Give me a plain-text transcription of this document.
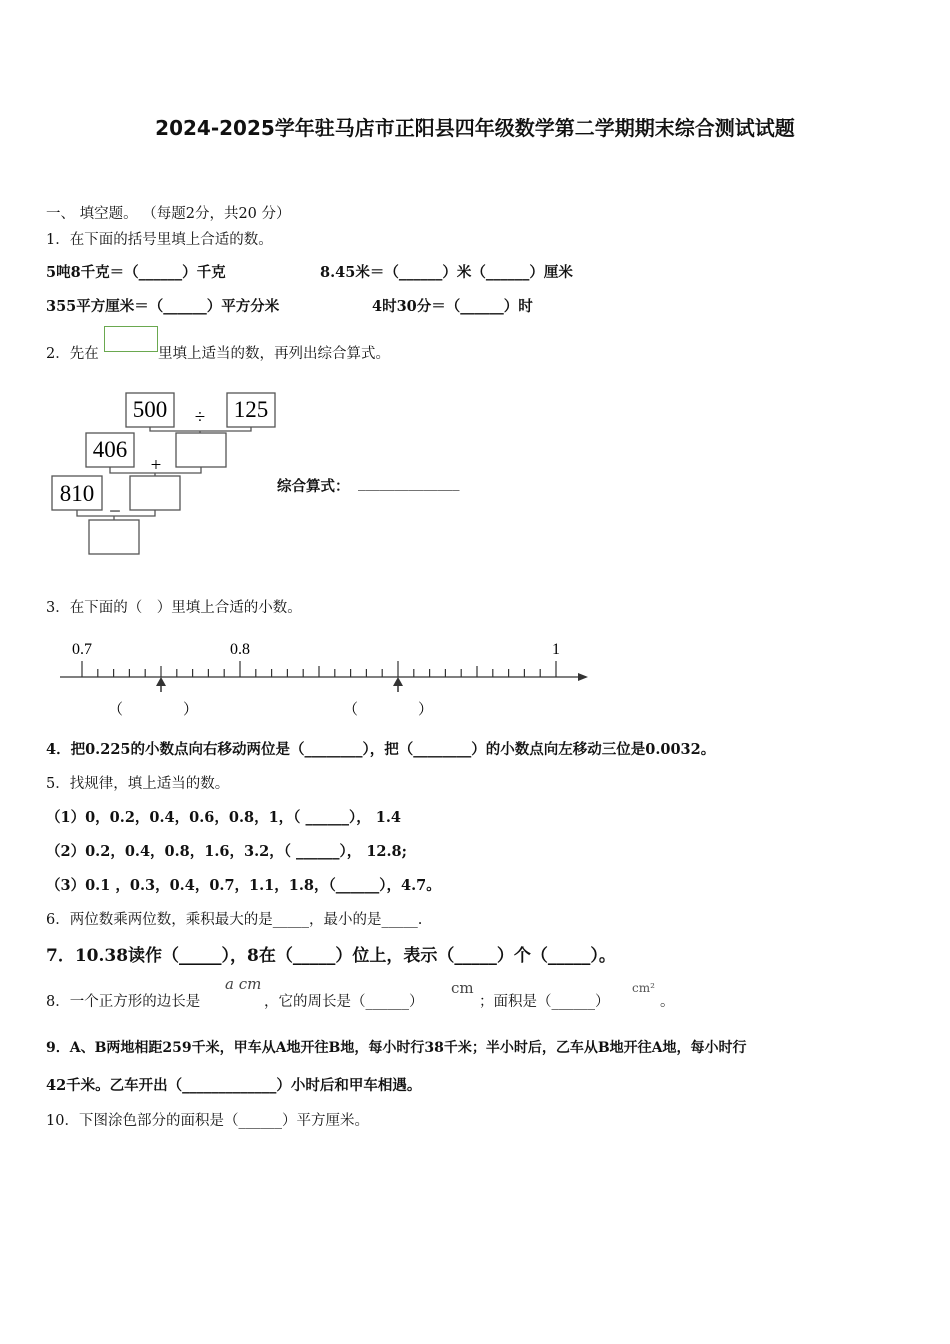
2024-2025学年驻马店市正阳县四年级数学第二学期期末综合测试试题
一、 填空题。 （每题2分，共20 分）
1．在下面的括号里填上合适的数。
5吨8千克＝（______）千克	8.45米＝（______）米（______）厘米
355平方厘米＝（______）平方分米	4时30分＝（______）时
2．先在	里填上适当的数，再列出综合算式。
500 ÷ 125
406
+
810 _
综合算式： ______________
3．在下面的（　）里填上合适的小数。
0.7	0.8	1
（　　　　）	（　　　　）
4．把0.225的小数点向右移动两位是（________），把（________）的小数点向左移动三位是0.0032。
5．找规律，填上适当的数。
（1）0，0.2，0.4，0.6，0.8，1，（ ______）， 1.4
（2）0.2，0.4，0.8，1.6，3.2，（ ______）， 12.8;
（3）0.1 ，0.3，0.4，0.7，1.1，1.8，（______），4.7。
6．两位数乘两位数，乘积最大的是_____，最小的是_____.
7．10.38读作（_____），8在（_____）位上，表示（_____）个（_____）。
8．一个正方形的边长是
a cm
，它的周长是（______）
cm
；面积是（______）
cm²
。
9．A、B两地相距259千米，甲车从A地开往B地，每小时行38千米；半小时后，乙车从B地开往A地，每小时行
42千米。乙车开出（_____________）小时后和甲车相遇。
10．下图涂色部分的面积是（______）平方厘米。
